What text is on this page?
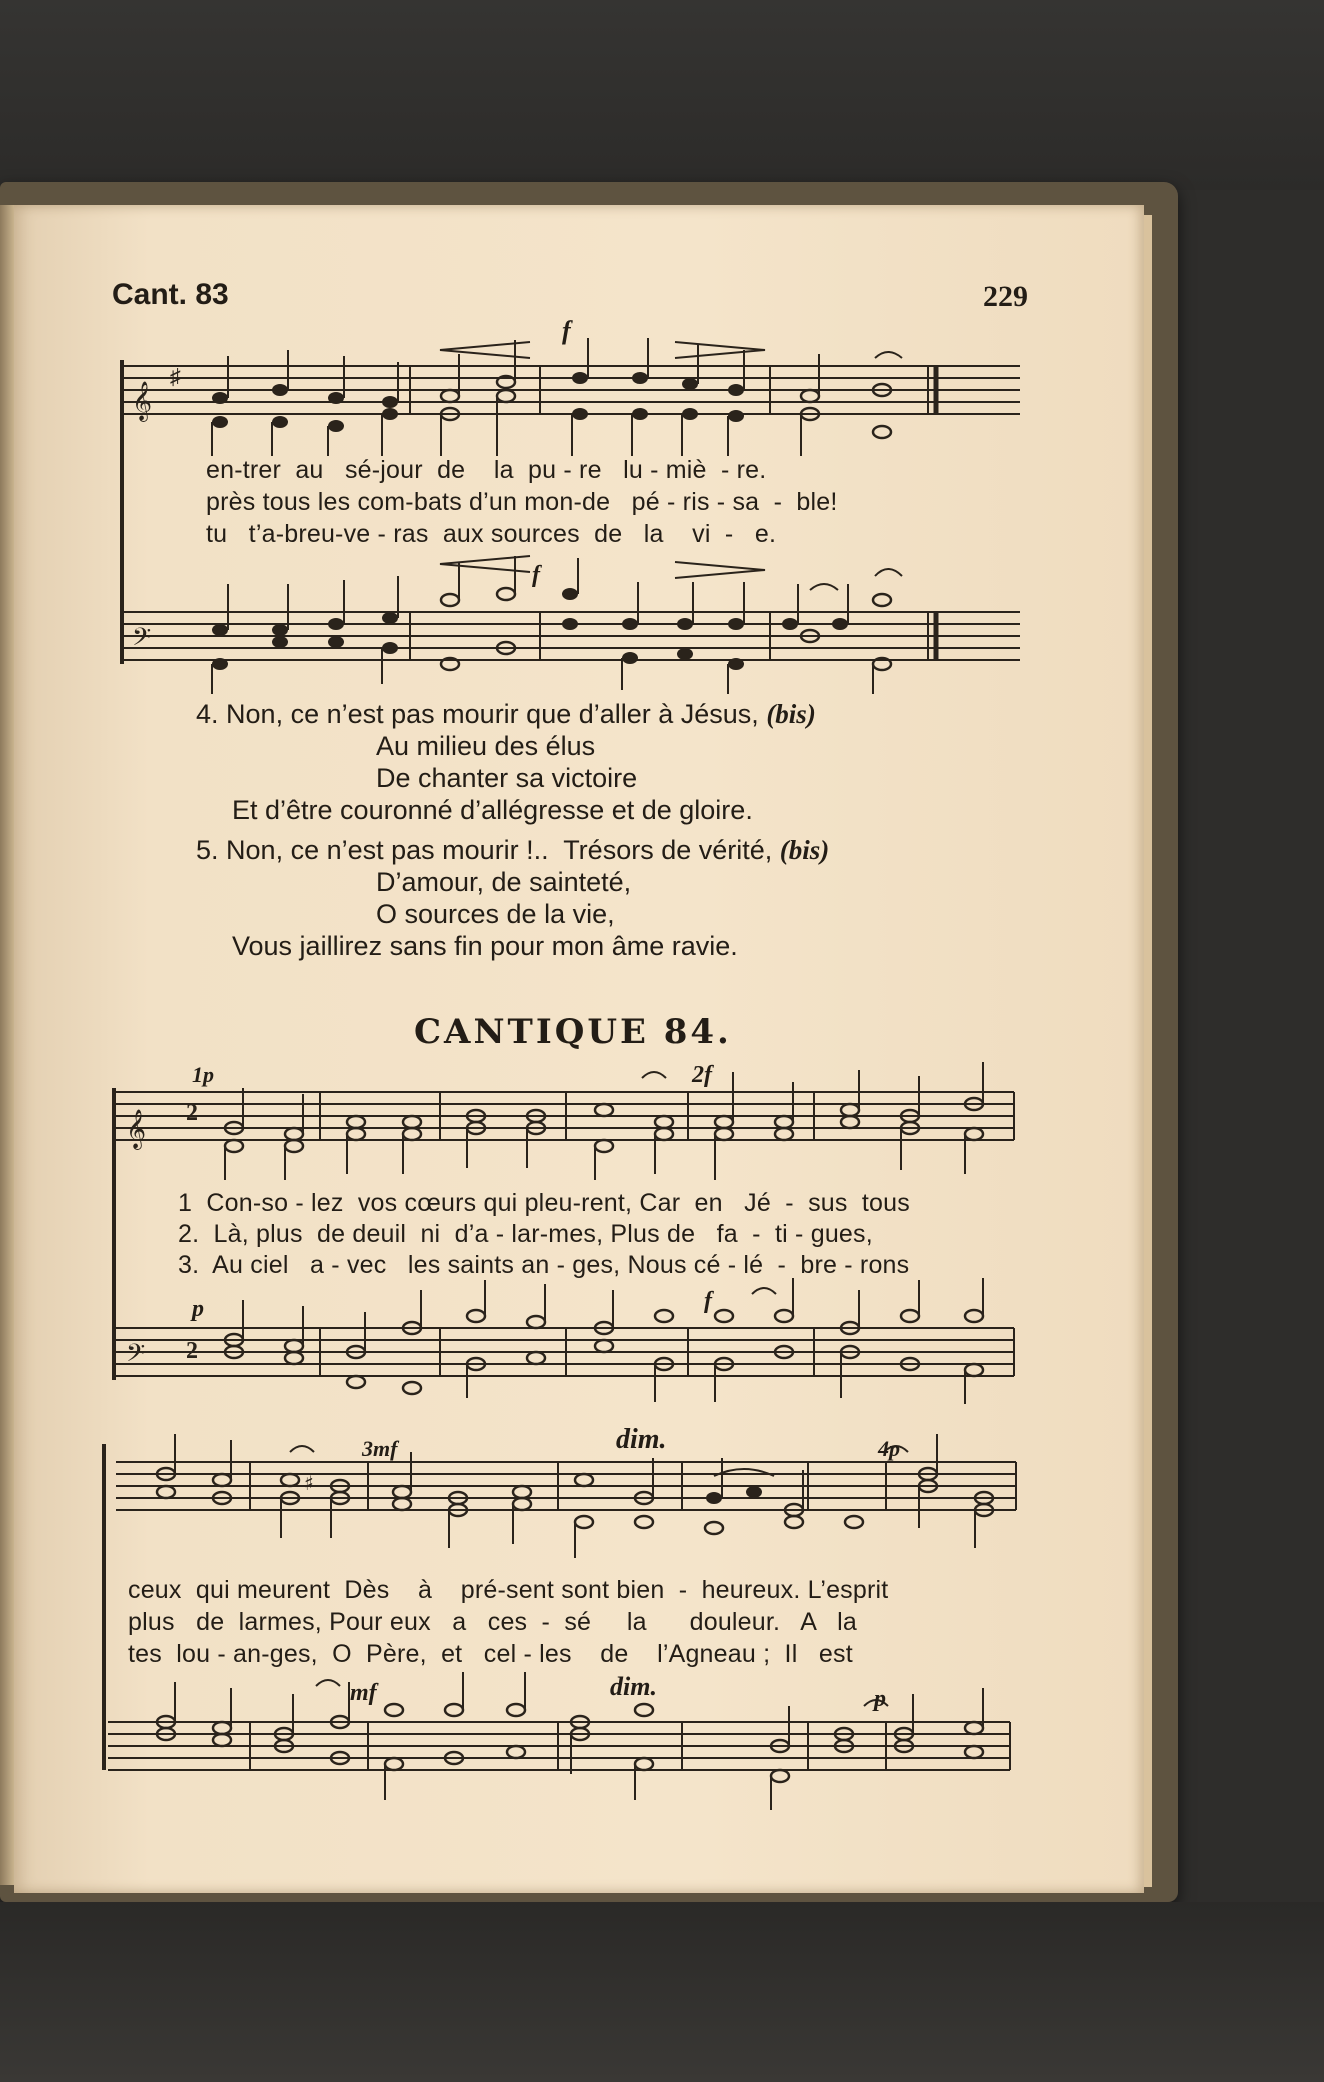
Cant. 83	229
𝄞
♯
f
en-trer  au   sé-jour  de    la  pu - re   lu - miè  - re.
près tous les com-bats d’un mon-de   pé - ris - sa  -  ble!
tu   t’a-breu-ve - ras  aux sources  de   la    vi  -   e.
𝄢
f
4. Non, ce n’est pas mourir que d’aller à Jésus, (bis)
Au milieu des élus
De chanter sa victoire
Et d’être couronné d’allégresse et de gloire.
5. Non, ce n’est pas mourir !..  Trésors de vérité, (bis)
D’amour, de sainteté,
O sources de la vie,
Vous jaillirez sans fin pour mon âme ravie.
CANTIQUE 84.
𝄞 2
1p	2f
1  Con-so - lez  vos cœurs qui pleu-rent, Car  en   Jé  -  sus  tous
2.  Là, plus  de deuil  ni  d’a - lar-mes, Plus de   fa  -  ti - gues,
3.  Au ciel   a - vec   les saints an - ges, Nous cé - lé  -  bre - rons
𝄢 2
p	f
♯
3mf	dim.	4p
ceux  qui meurent  Dès    à    pré-sent sont bien  -  heureux. L’esprit
plus   de  larmes, Pour eux   a   ces  -  sé     la      douleur.   A   la
tes  lou - an-ges,  O  Père,  et   cel - les    de    l’Agneau ;  Il   est
mf	dim.	p
